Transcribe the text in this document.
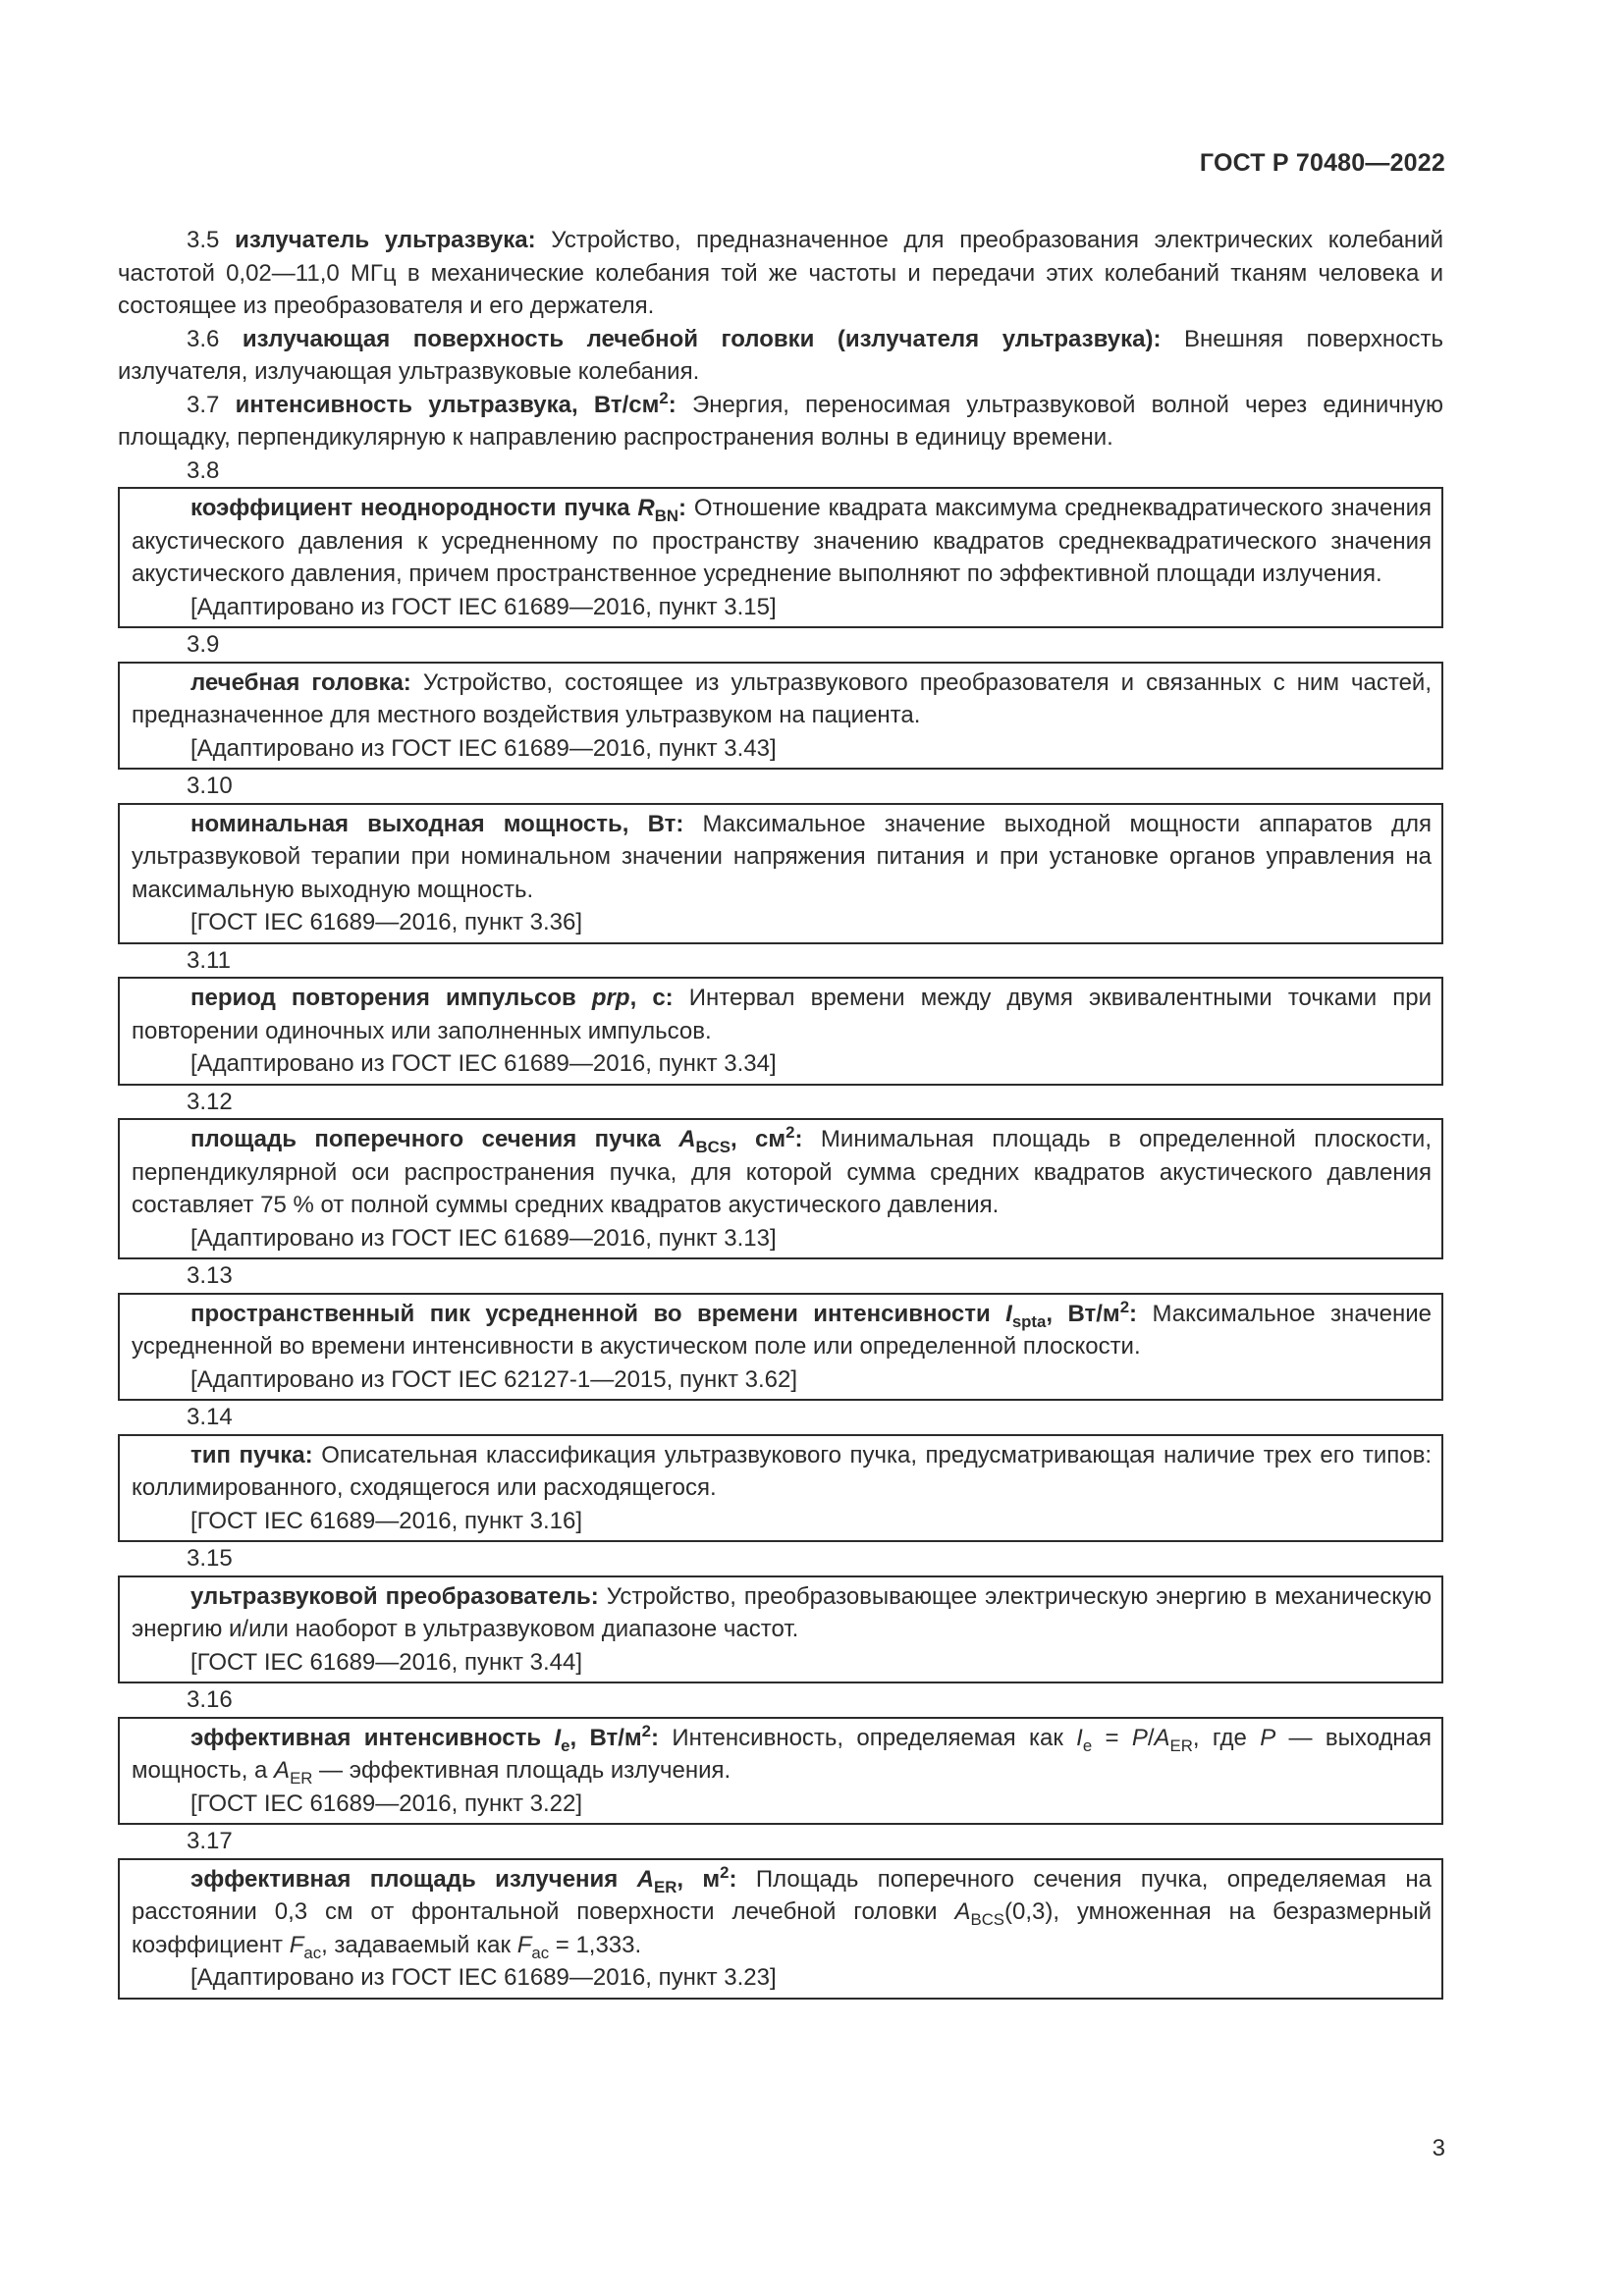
ГОСТ Р 70480—2022

3.5 излучатель ультразвука: Устройство, предназначенное для преобразования электрических колебаний частотой 0,02—11,0 МГц в механические колебания той же частоты и передачи этих колебаний тканям человека и состоящее из преобразователя и его держателя.

3.6 излучающая поверхность лечебной головки (излучателя ультразвука): Внешняя поверхность излучателя, излучающая ультразвуковые колебания.

3.7 интенсивность ультразвука, $Вт/см^2$: Энергия, переносимая ультразвуковой волной через единичную площадку, перпендикулярную к направлению распространения волны в единицу времени.

3.8

коэффициент неоднородности пучка $R_{BN}$: Отношение квадрата максимума среднеквадратического значения акустического давления к усредненному по пространству значению квадратов среднеквадратического значения акустического давления, причем пространственное усреднение выполняют по эффективной площади излучения.

[Адаптировано из ГОСТ IEC 61689—2016, пункт 3.15]

3.9

лечебная головка: Устройство, состоящее из ультразвукового преобразователя и связанных с ним частей, предназначенное для местного воздействия ультразвуком на пациента.

[Адаптировано из ГОСТ IEC 61689—2016, пункт 3.43]

3.10

номинальная выходная мощность, Вт: Максимальное значение выходной мощности аппаратов для ультразвуковой терапии при номинальном значении напряжения питания и при установке органов управления на максимальную выходную мощность.

[ГОСТ IEC 61689—2016, пункт 3.36]

3.11

период повторения импульсов prp, с: Интервал времени между двумя эквивалентными точками при повторении одиночных или заполненных импульсов.

[Адаптировано из ГОСТ IEC 61689—2016, пункт 3.34]

3.12

площадь поперечного сечения пучка $A_{BCS}$, $см^2$: Минимальная площадь в определенной плоскости, перпендикулярной оси распространения пучка, для которой сумма средних квадратов акустического давления составляет 75 % от полной суммы средних квадратов акустического давления.

[Адаптировано из ГОСТ IEC 61689—2016, пункт 3.13]

3.13

пространственный пик усредненной во времени интенсивности $I_{spta}$, $Вт/м^2$: Максимальное значение усредненной во времени интенсивности в акустическом поле или определенной плоскости.

[Адаптировано из ГОСТ IEC 62127-1—2015, пункт 3.62]

3.14

тип пучка: Описательная классификация ультразвукового пучка, предусматривающая наличие трех его типов: коллимированного, сходящегося или расходящегося.

[ГОСТ IEC 61689—2016, пункт 3.16]

3.15

ультразвуковой преобразователь: Устройство, преобразовывающее электрическую энергию в механическую энергию и/или наоборот в ультразвуковом диапазоне частот.

[ГОСТ IEC 61689—2016, пункт 3.44]

3.16

эффективная интенсивность $I_e$, $Вт/м^2$: Интенсивность, определяемая как $I_e = P/A_{ER}$, где P — выходная мощность, а $A_{ER}$ — эффективная площадь излучения.

[ГОСТ IEC 61689—2016, пункт 3.22]

3.17

эффективная площадь излучения $A_{ER}$, $м^2$: Площадь поперечного сечения пучка, определяемая на расстоянии 0,3 см от фронтальной поверхности лечебной головки $A_{BCS}(0,3)$, умноженная на безразмерный коэффициент $F_{ac}$, задаваемый как $F_{ac} = 1,333$.

[Адаптировано из ГОСТ IEC 61689—2016, пункт 3.23]

3
